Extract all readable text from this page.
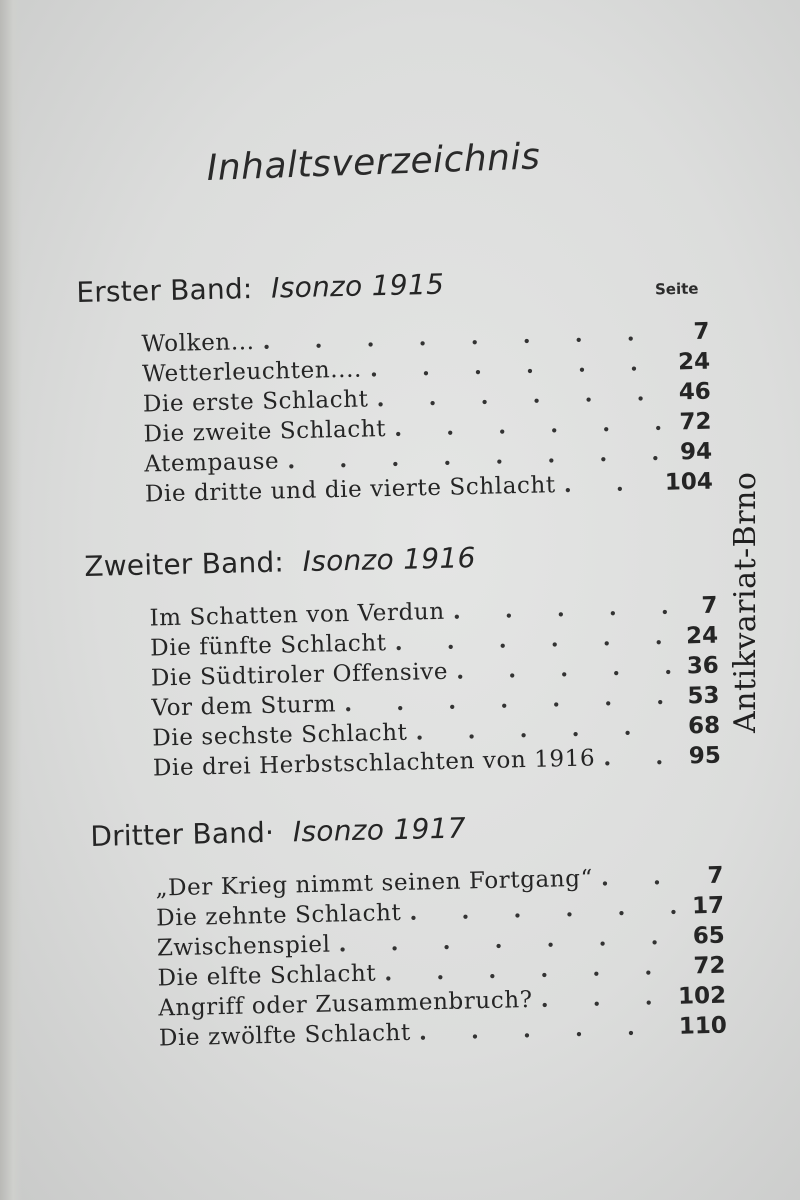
Inhaltsverzeichnis
Seite
Erster Band: Isonzo 1915
Wolken... . . .	7
Wetterleuchten.... . . .	24
Die erste Schlacht . . .	46
Die zweite Schlacht . . .	72
Atempause . . .	94
Die dritte und die vierte Schlacht . . .	104
Zweiter Band: Isonzo 1916
Im Schatten von Verdun . . .	7
Die fünfte Schlacht . . .	24
Die Südtiroler Offensive . . .	36
Vor dem Sturm . . .	53
Die sechste Schlacht . . .	68
Die drei Herbstschlachten von 1916 . . .	95
Dritter Band· Isonzo 1917
„Der Krieg nimmt seinen Fortgang“ . . .	7
Die zehnte Schlacht . . .	17
Zwischenspiel . . .	65
Die elfte Schlacht . . .	72
Angriff oder Zusammenbruch? . . .	102
Die zwölfte Schlacht . . .	110
Antikvariat-Brno
